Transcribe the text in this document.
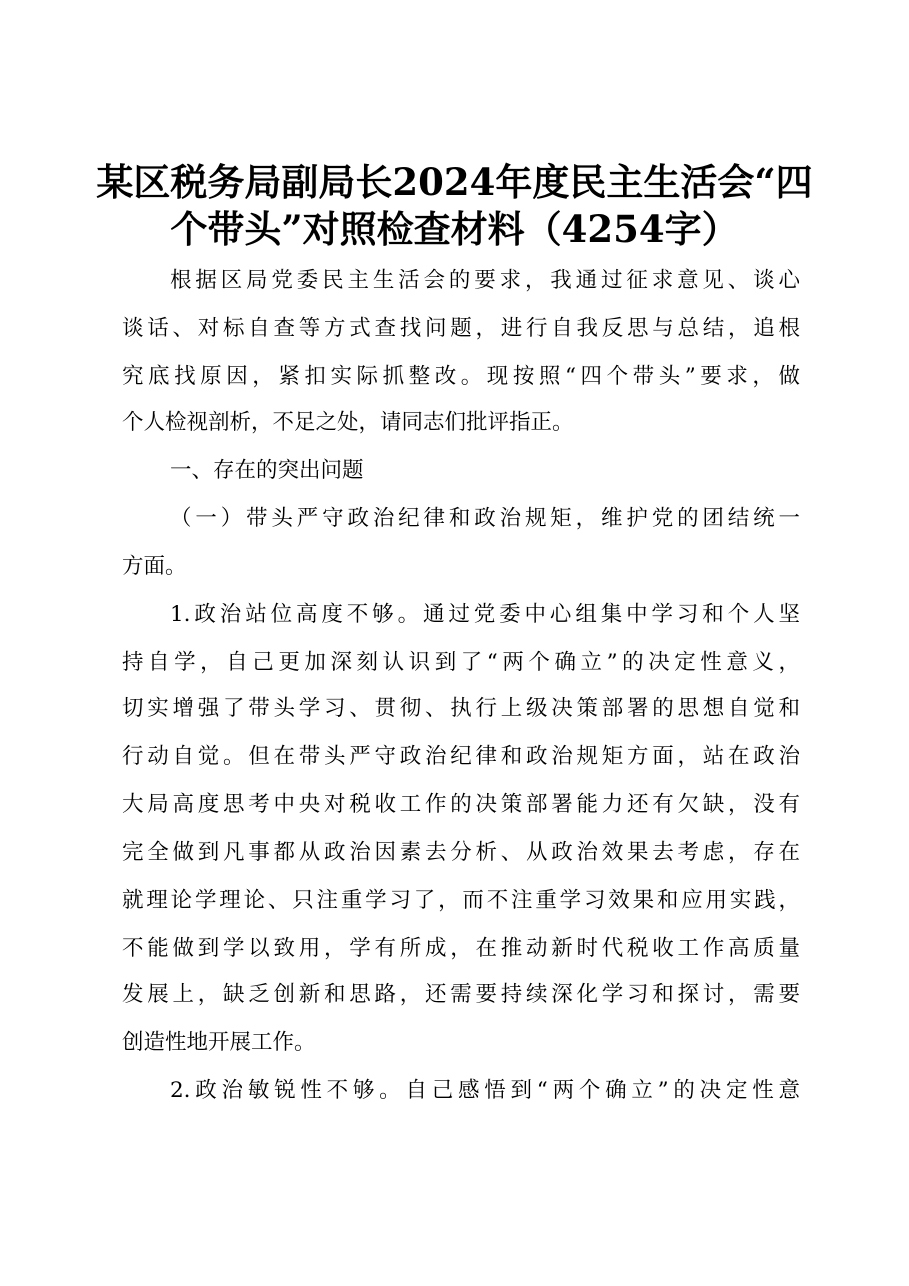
某区税务局副局长2024年度民主生活会“四
个带头”对照检查材料（4254字）

根据区局党委民主生活会的要求，我通过征求意见、谈心

谈话、对标自查等方式查找问题，进行自我反思与总结，追根

究底找原因，紧扣实际抓整改。现按照“四个带头”要求，做

个人检视剖析，不足之处，请同志们批评指正。

一、存在的突出问题

（一）带头严守政治纪律和政治规矩，维护党的团结统一

方面。

1.政治站位高度不够。通过党委中心组集中学习和个人坚

持自学，自己更加深刻认识到了“两个确立”的决定性意义，

切实增强了带头学习、贯彻、执行上级决策部署的思想自觉和

行动自觉。但在带头严守政治纪律和政治规矩方面，站在政治

大局高度思考中央对税收工作的决策部署能力还有欠缺，没有

完全做到凡事都从政治因素去分析、从政治效果去考虑，存在

就理论学理论、只注重学习了，而不注重学习效果和应用实践，

不能做到学以致用，学有所成，在推动新时代税收工作高质量

发展上，缺乏创新和思路，还需要持续深化学习和探讨，需要

创造性地开展工作。

2.政治敏锐性不够。自己感悟到“两个确立”的决定性意
